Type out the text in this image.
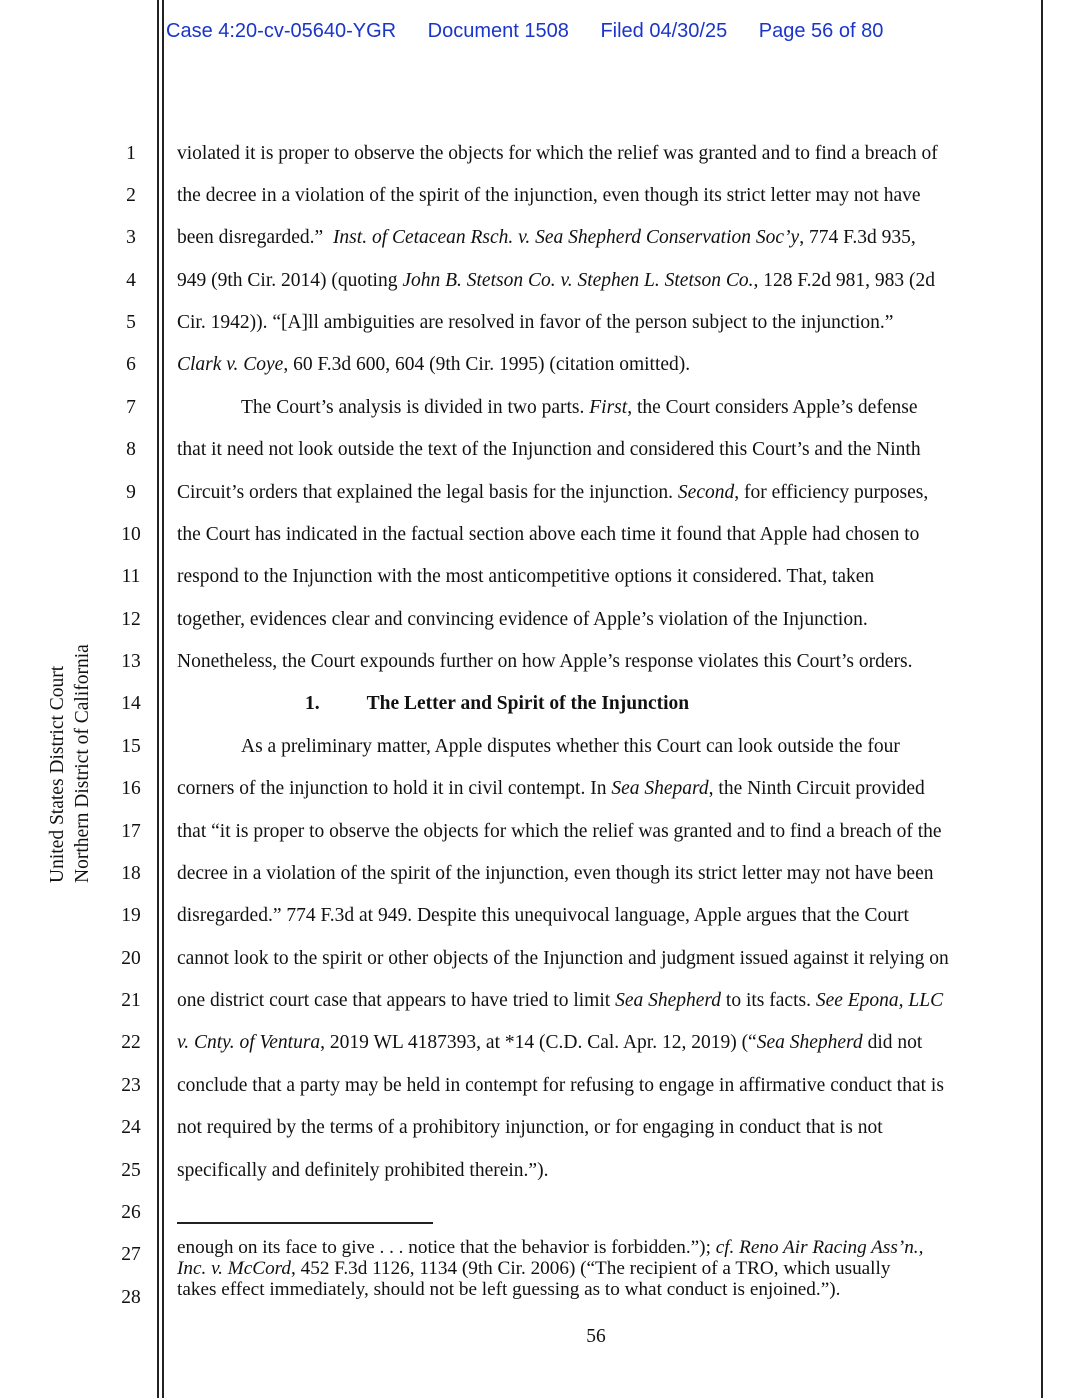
Case 4:20-cv-05640-YGR Document 1508 Filed 04/30/25 Page 56 of 80
United States District Court Northern District of California
1
2
3
4
5
6
7
8
9
10
11
12
13
14
15
16
17
18
19
20
21
22
23
24
25
26
27
28
violated it is proper to observe the objects for which the relief was granted and to find a breach of
the decree in a violation of the spirit of the injunction, even though its strict letter may not have
been disregarded.” Inst. of Cetacean Rsch. v. Sea Shepherd Conservation Soc’y, 774 F.3d 935,
949 (9th Cir. 2014) (quoting John B. Stetson Co. v. Stephen L. Stetson Co., 128 F.2d 981, 983 (2d
Cir. 1942)). “[A]ll ambiguities are resolved in favor of the person subject to the injunction.”
Clark v. Coye, 60 F.3d 600, 604 (9th Cir. 1995) (citation omitted).
The Court’s analysis is divided in two parts. First, the Court considers Apple’s defense
that it need not look outside the text of the Injunction and considered this Court’s and the Ninth
Circuit’s orders that explained the legal basis for the injunction. Second, for efficiency purposes,
the Court has indicated in the factual section above each time it found that Apple had chosen to
respond to the Injunction with the most anticompetitive options it considered. That, taken
together, evidences clear and convincing evidence of Apple’s violation of the Injunction.
Nonetheless, the Court expounds further on how Apple’s response violates this Court’s orders.
1. The Letter and Spirit of the Injunction
As a preliminary matter, Apple disputes whether this Court can look outside the four
corners of the injunction to hold it in civil contempt. In Sea Shepard, the Ninth Circuit provided
that “it is proper to observe the objects for which the relief was granted and to find a breach of the
decree in a violation of the spirit of the injunction, even though its strict letter may not have been
disregarded.” 774 F.3d at 949. Despite this unequivocal language, Apple argues that the Court
cannot look to the spirit or other objects of the Injunction and judgment issued against it relying on
one district court case that appears to have tried to limit Sea Shepherd to its facts. See Epona, LLC
v. Cnty. of Ventura, 2019 WL 4187393, at *14 (C.D. Cal. Apr. 12, 2019) (“Sea Shepherd did not
conclude that a party may be held in contempt for refusing to engage in affirmative conduct that is
not required by the terms of a prohibitory injunction, or for engaging in conduct that is not
specifically and definitely prohibited therein.”).
enough on its face to give . . . notice that the behavior is forbidden.”); cf. Reno Air Racing Ass’n.,
Inc. v. McCord, 452 F.3d 1126, 1134 (9th Cir. 2006) (“The recipient of a TRO, which usually
takes effect immediately, should not be left guessing as to what conduct is enjoined.”).
56
